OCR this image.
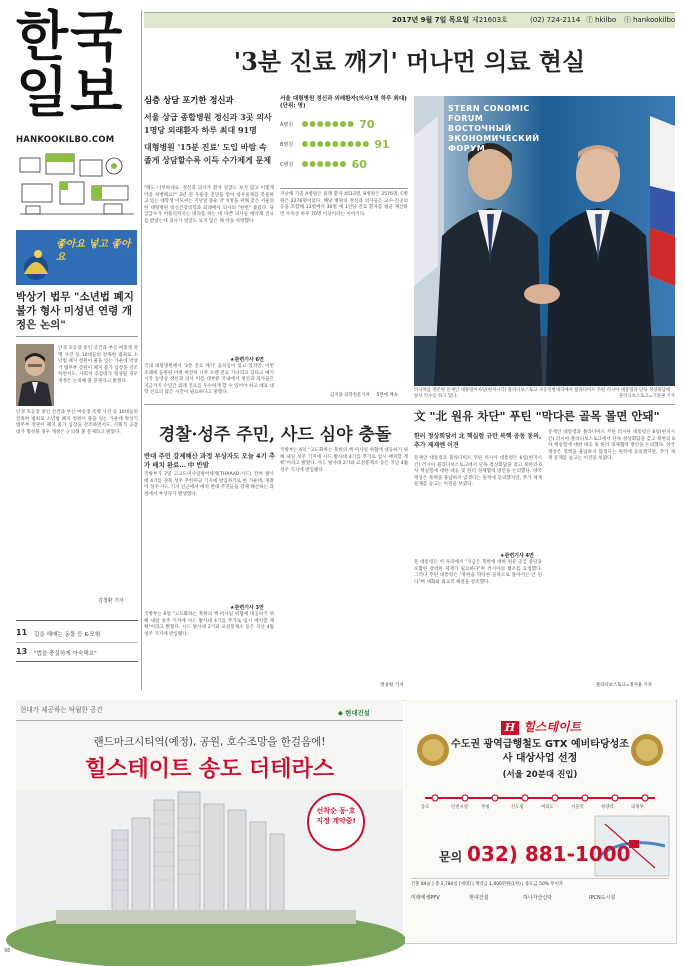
한국
일보
HANKOOKILBO.COM
2017년 9월 7일 목요일 제21603호	(02) 724-2114 ⓕ hkilbo ⓣ hankookilbo
좋아요 넣고 좋아요
박상기 법무 "소년법 폐지 불가 형사 미성년 연령 개정은 논의"
안경 호등장 중인 산건과 부산 여중생 폭행 사건 등 10대들의 잔혹한 범죄로 소년법 폐지 청원이 줄을 잇는 가운데 박상기 법무부 장관이 폐지 불가 입장을 강조하면서도, 사회적 공감대가 형성될 경우 개정은 논의해 볼 문제라고 밝혔다.
안경 호등장 중인 산건과 부산 여중생 폭행 사건 등 10대들의 잔혹한 범죄로 소년법 폐지 청원이 줄을 잇는 가운데 박상기 법무부 장관이 폐지 불가 입장을 강조하면서도, 사회적 공감대가 형성될 경우 개정은 논의해 볼 문제라고 밝혔다.
김청환 기자
11 길을 헤매는 동물 등 K-모험
13 "법을 충실하게 아숙해요"
'3분 진료 깨기' 머나먼 의료 현실

심층 상담 포기한 정신과

서울 상급 종합병원 정신과 3곳 의사 1명당 외래환자 하루 최대 91명

대형병원 '15분 진료' 도입 바람 속 졸게 상담할수록 이득 수가제게 문제

"해도 너무하네요. 정신과 의사가 환자 얼굴도 보지 않고 이렇게 약을 처방해요?" 3년 전 우울증 진단을 받아 항우울제를 복용하고 있는 대학생 이모씨는 지난달 중순 약 처방을 위해 찾은 서울의 한 대형병원 정신건강의학과 외래에서 의사의 "한번" 불렀다. 당급급수가 어플리커서는 대리를 하는 데 바쁜 의사들 예약제 진료를 받았는데 의사가 얼굴도 보지 않은 채 약을 처방했다.
★관련기사 6면
국내 대형병원에서 '3분 진료 깨기' 움직임이 일고 있지만, 이번 조례에 동원된 이번 여전히 너무 오랜 진료 기다리고 있다고 얘기 시작 동영상 정신과 의사 이름 대부분 국내에서 정신과 의사들은 지금까지 수년간 외래 진료를 우수하게 할 수 있어야 하고 대표 대학 진료의 많은 시간이 필요하다고 말했다.
서울 대형병원 정신과 외래환자(의사1명 하루 최대)(단위: 명)
A병원	70
B병원	91
C병원	60
지난해 기준 A병원은 외래 환자 4513명, B병원은 2576명, C병원은 2276명이었다. 해당 병원의 정신과 의사들은 교수·전공의 등을 포함해 13명에서 30명 에 1인당 진료 환자를 평균 계산하면 수치상 하루 70명 이상이라는 이야기다.
김지용 의학전문기자 ㆍ 5면에 계속
STERN CONOMIC FORUM ВОСТОЧНЫЙ ЭКОНОМИЧЕСКИЙ ФОРУМ
러시아를 방문한 문재인 대통령이 6일(현지시각) 블라디보스토크 극동연방대학에서 블라디미르 푸틴 러시아 대통령과 단독 정상회담에 앞서 악수를 하고 있다.	블라디보스토크=고영권 기자
경찰·성주 주민, 사드 심야 충돌
반대 주민 강제해산 과정 부상자도 오늘 4기 추가 배치 완료… 中 반발
국방부가 7일 고고도미사일방어체계(THAAAD·사드) 잔여 발사대 4기를 경북 성주 주한미군 기지에 반입하기로 한 가운데, 경찰이 성주 사드 기지 인근에서 배치 반대 주민들을 강제 해산하는 과정에서 부상자가 발생했다.
★관련기사 3면
국방부는 6일 "고도화하는 북한의 핵·미사일 위협에 대응하기 위해 내일 성주 기지에 사드 발사대 4기를 추가로 임시 배치할 계획"이라고 밝혔다. 사드 발사대 2기와 교전통제소 등은 지난 4월 성주 기지에 반입됐다.
국방부는 6일 "고도화하는 북한의 핵·미사일 위협에 대응하기 위해 내일 성주 기지에 사드 발사대 4기를 추가로 임시 배치할 계획"이라고 밝혔다. 사드 발사대 2기와 교전통제소 등은 지난 4월 성주 기지에 반입됐다.
정상원 기자
文 "北 원유 차단" 푸틴 "막다른 골목 몰면 안돼"
한러 정상회담서 北 핵실험 규탄 북핵 공동 동의, 추가 제재엔 이견
문재인 대통령과 블라디미르 푸틴 러시아 대통령은 6일(현지시간) 러시아 블라디보스토크에서 단독 정상회담을 갖고 북한의 6차 핵실험에 대한 대응 및 한러 경제협력 방안을 논의했다. 양국 정상은 북핵을 용납하지 않겠다는 원칙에 동의했지만, 추가 제재 문제를 놓고는 이견을 보였다.
★관련기사 4면
문 대통령은 이 자리에서 "지금은 북한에 대한 원유 공급 중단을 포함한 강력한 제재가 필요하다"며 러시아의 협조를 요청했다. 그러나 푸틴 대통령은 "북한을 막다른 골목으로 몰아서는 안 된다"며 대화와 외교적 해결을 강조했다.
문재인 대통령과 블라디미르 푸틴 러시아 대통령은 6일(현지시간) 러시아 블라디보스토크에서 단독 정상회담을 갖고 북한의 6차 핵실험에 대한 대응 및 한러 경제협력 방안을 논의했다. 양국 정상은 북핵을 용납하지 않겠다는 원칙에 동의했지만, 추가 제재 문제를 놓고는 이견을 보였다.
블라디보스토크=정지용 기자
현대가 제공하는 탁월한 공간	◆ 현대건설
랜드마크시티역(예정), 공원, 호수조망을 한걸음에!
힐스테이트 송도 더테라스
선착순 동·호 지정 계약중!
H 힐스테이트
수도권 광역급행철도 GTX 예비타당성조사 대상사업 선정
(서울 20분대 진입)
송도	인천시청	부평	신도림	여의도	서울역	청량리	의정부
문의 032) 881-1000
건물 84㎡ | 총 2,784실 [세대] | 계약금 1,000만원(1차) | 중도금 50% 무이자
미래에셋PFV	현대건설	하나자산신탁	IPCN도시설
98
